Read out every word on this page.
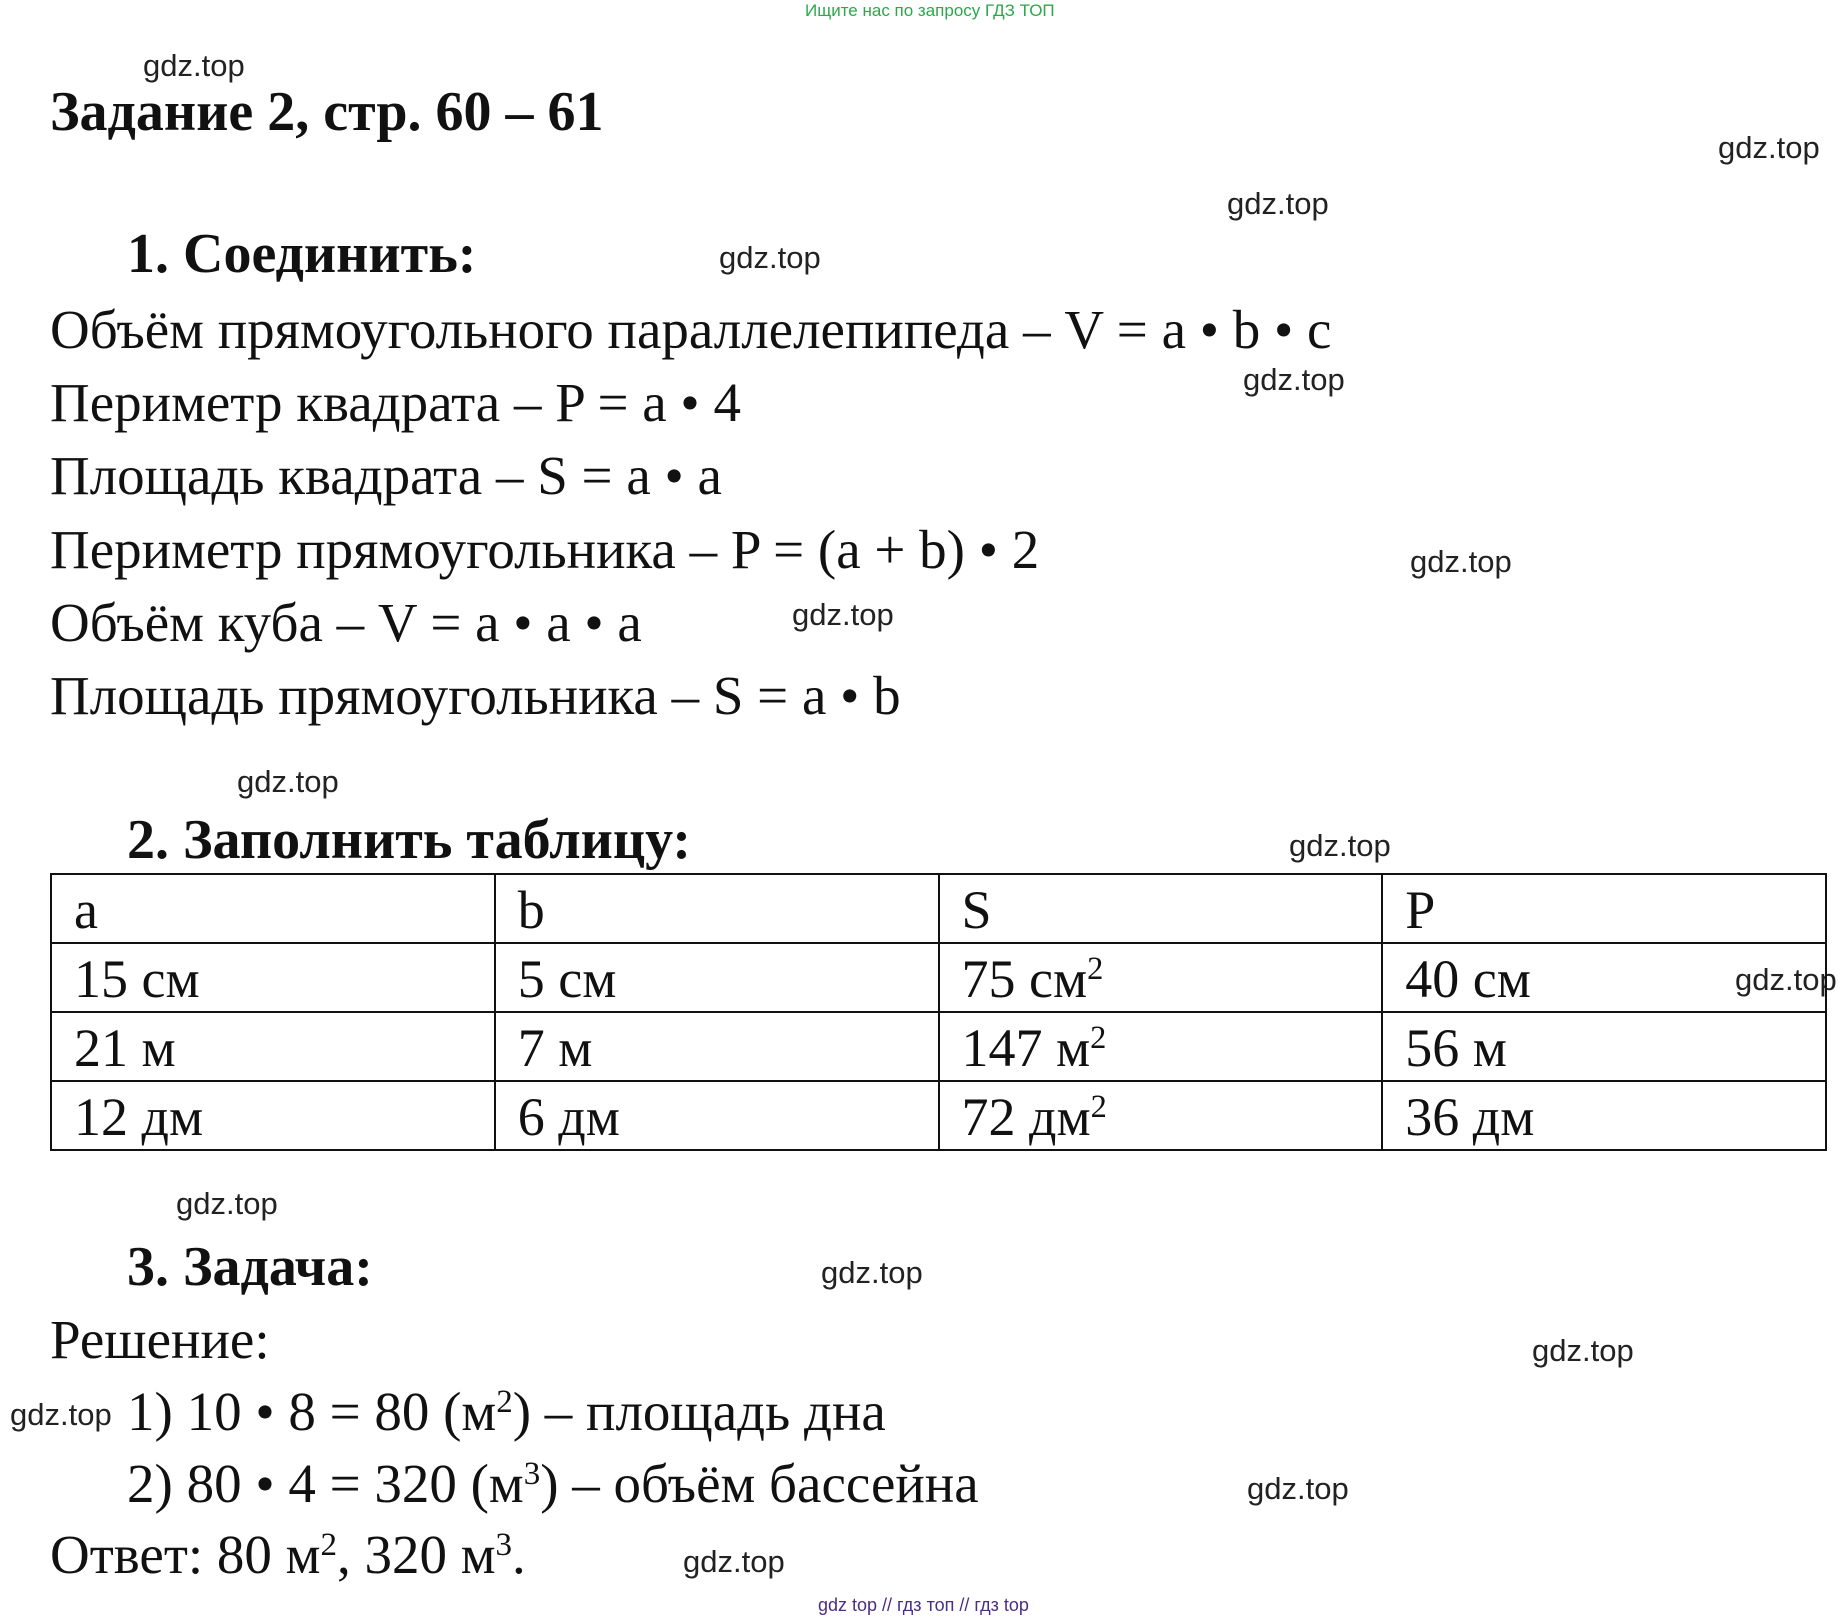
Ищите нас по запросу ГДЗ ТОП
Задание 2, стр. 60 – 61
gdz.top
gdz.top
gdz.top
gdz.top
gdz.top
gdz.top
gdz.top
gdz.top
gdz.top
gdz.top
gdz.top
gdz.top
gdz.top
gdz.top
gdz.top
gdz.top
1. Соединить:
Объём прямоугольного параллелепипеда – V = a • b • c
Периметр квадрата – P = a • 4
Площадь квадрата – S = a • a
Периметр прямоугольника – P = (a + b) • 2
Объём куба – V = a • a • a
Площадь прямоугольника – S = a • b
2. Заполнить таблицу:
a	b	S	P
15 см	5 см	75 $см^2$	40 см
21 м	7 м	147 $м^2$	56 м
12 дм	6 дм	72 $дм^2$	36 дм
3. Задача:
Решение:
1) 10 • 8 = 80 $(м^2)$ – площадь дна
2) 80 • 4 = 320 $(м^3)$ – объём бассейна
Ответ: 80 $м^2$, 320 $м^3$.
gdz top // гдз топ // гдз top
